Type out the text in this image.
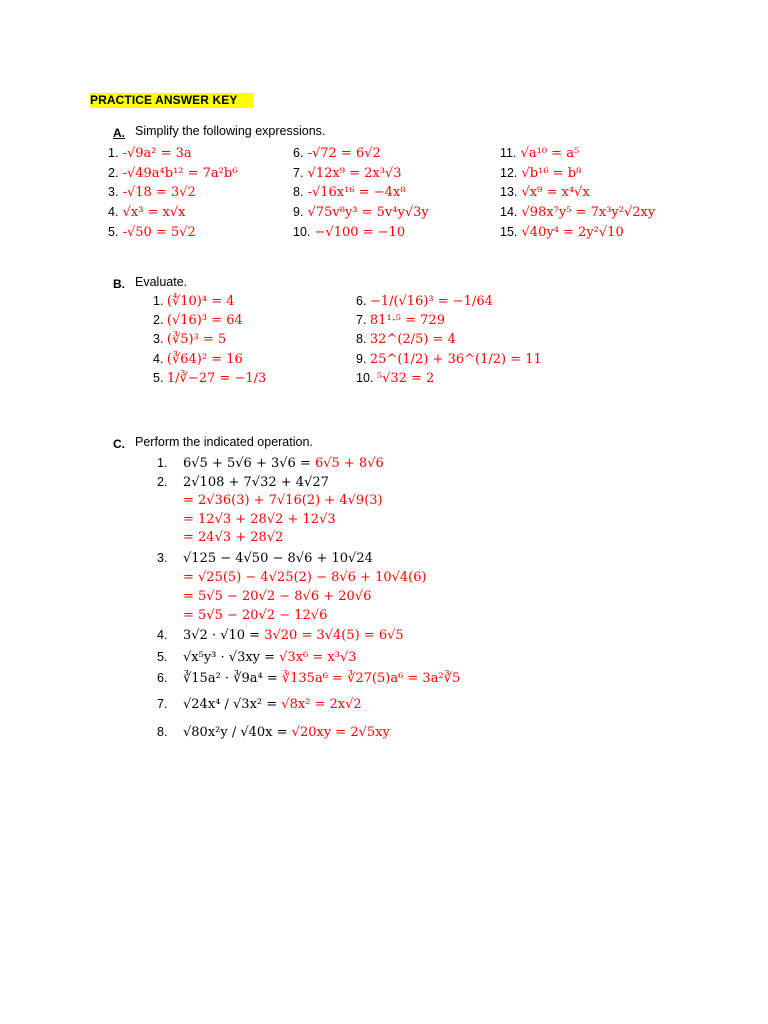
PRACTICE ANSWER KEY
A. Simplify the following expressions.
B. Evaluate.
C. Perform the indicated operation.
1. -√9a² = 3a
2. -√49a⁴b¹² = 7a²b⁶
3. -√18 = 3√2
4. √x³ = x√x
5. -√50 = 5√2
6. -√72 = 6√2
7. √12x⁹ = 2x³√3
8. -√16x¹⁶ = −4x⁸
9. √75v⁸y³ = 5v⁴y√3y
10. −√100 = −10
11. √a¹⁰ = a⁵
12. √b¹⁶ = b⁸
13. √x⁹ = x⁴√x
14. √98x⁷y⁵ = 7x³y²√2xy
15. √40y⁴ = 2y²√10
1. (∜10)⁴ = 4
2. (√16)³ = 64
3. (∛5)³ = 5
4. (∛64)² = 16
5. 1/∛−27 = −1/3
6. −1/(√16)³ = −1/64
7. 81¹·⁵ = 729
8. 32^(2/5) = 4
9. 25^(1/2) + 36^(1/2) = 11
10. ⁵√32 = 2
1. 6√5 + 5√6 + 3√6 = 6√5 + 8√6
2. 2√108 + 7√32 + 4√27
= 2√36(3) + 7√16(2) + 4√9(3)
= 12√3 + 28√2 + 12√3
= 24√3 + 28√2
3. √125 − 4√50 − 8√6 + 10√24
= √25(5) − 4√25(2) − 8√6 + 10√4(6)
= 5√5 − 20√2 − 8√6 + 20√6
= 5√5 − 20√2 − 12√6
4. 3√2 · √10 = 3√20 = 3√4(5) = 6√5
5. √x⁵y³ · √3xy = √3x⁶ = x³√3
6. ∛15a² · ∛9a⁴ = ∛135a⁶ = ∛27(5)a⁶ = 3a²∛5
7. √24x⁴ / √3x² = √8x² = 2x√2
8. √80x²y / √40x = √20xy = 2√5xy
